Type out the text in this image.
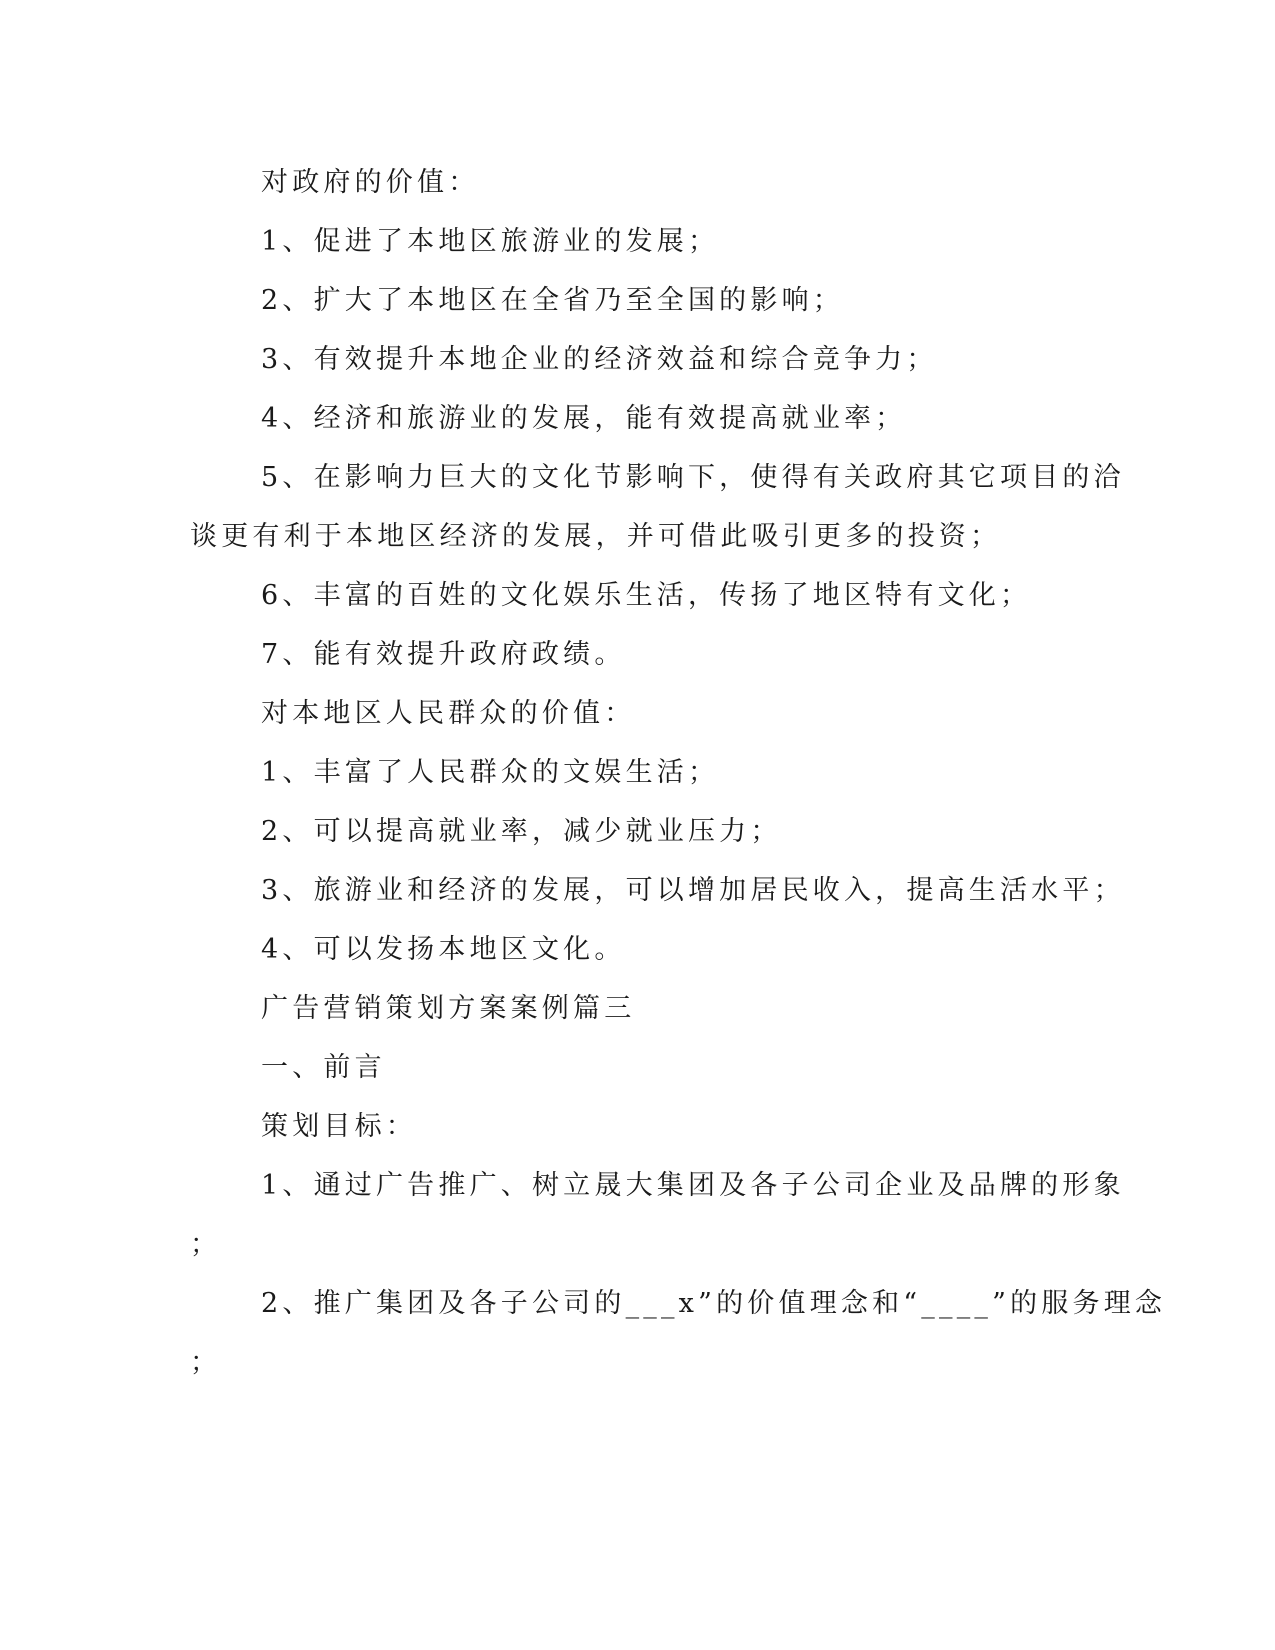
对政府的价值：

1、促进了本地区旅游业的发展；

2、扩大了本地区在全省乃至全国的影响；

3、有效提升本地企业的经济效益和综合竞争力；

4、经济和旅游业的发展，能有效提高就业率；

5、在影响力巨大的文化节影响下，使得有关政府其它项目的洽

谈更有利于本地区经济的发展，并可借此吸引更多的投资；

6、丰富的百姓的文化娱乐生活，传扬了地区特有文化；

7、能有效提升政府政绩。

对本地区人民群众的价值：

1、丰富了人民群众的文娱生活；

2、可以提高就业率，减少就业压力；

3、旅游业和经济的发展，可以增加居民收入，提高生活水平；

4、可以发扬本地区文化。

广告营销策划方案案例篇三

一、前言

策划目标：

1、通过广告推广、树立晟大集团及各子公司企业及品牌的形象

；

2、推广集团及各子公司的___x”的价值理念和“____”的服务理念

；
